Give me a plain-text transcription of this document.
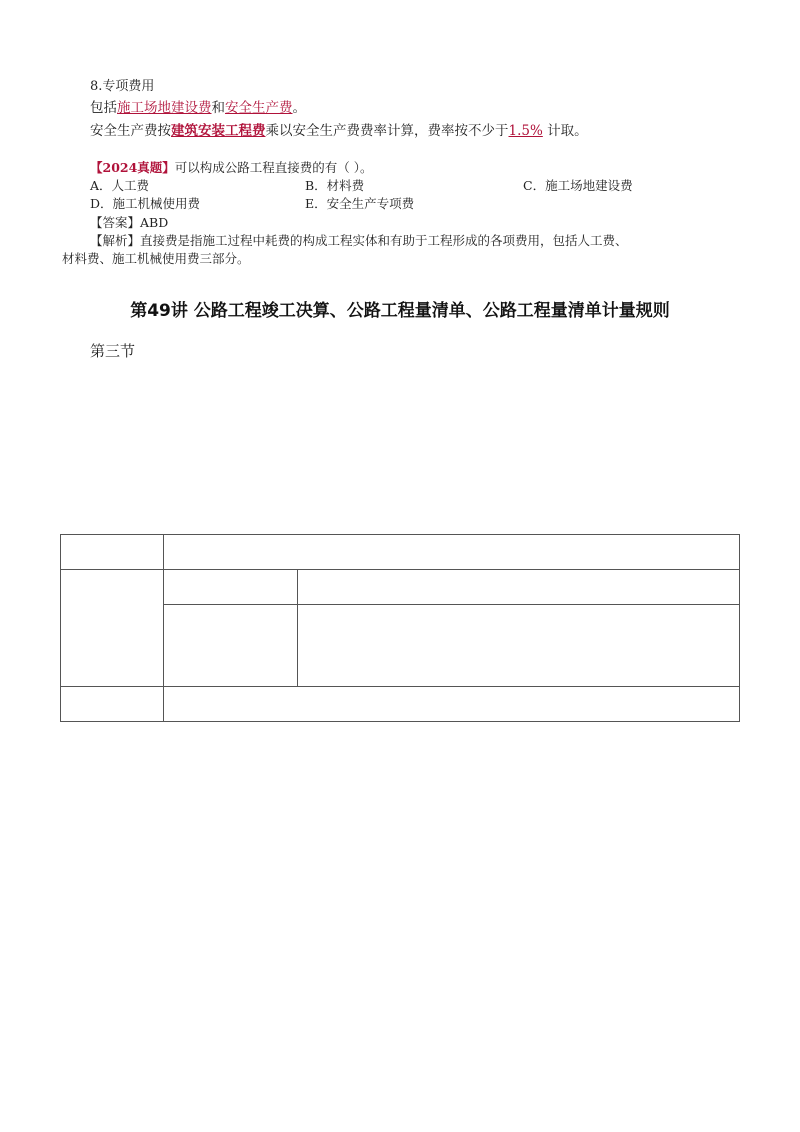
8.专项费用
包括施工场地建设费和安全生产费。
安全生产费按建筑安装工程费乘以安全生产费费率计算，费率按不少于1.5% 计取。
【2024真题】可以构成公路工程直接费的有（ ）。
A．人工费	B．材料费	C．施工场地建设费
D．施工机械使用费	E．安全生产专项费
【答案】ABD
【解析】直接费是指施工过程中耗费的构成工程实体和有助于工程形成的各项费用，包括人工费、
材料费、施工机械使用费三部分。
第49讲 公路工程竣工决算、公路工程量清单、公路工程量清单计量规则
第三节
